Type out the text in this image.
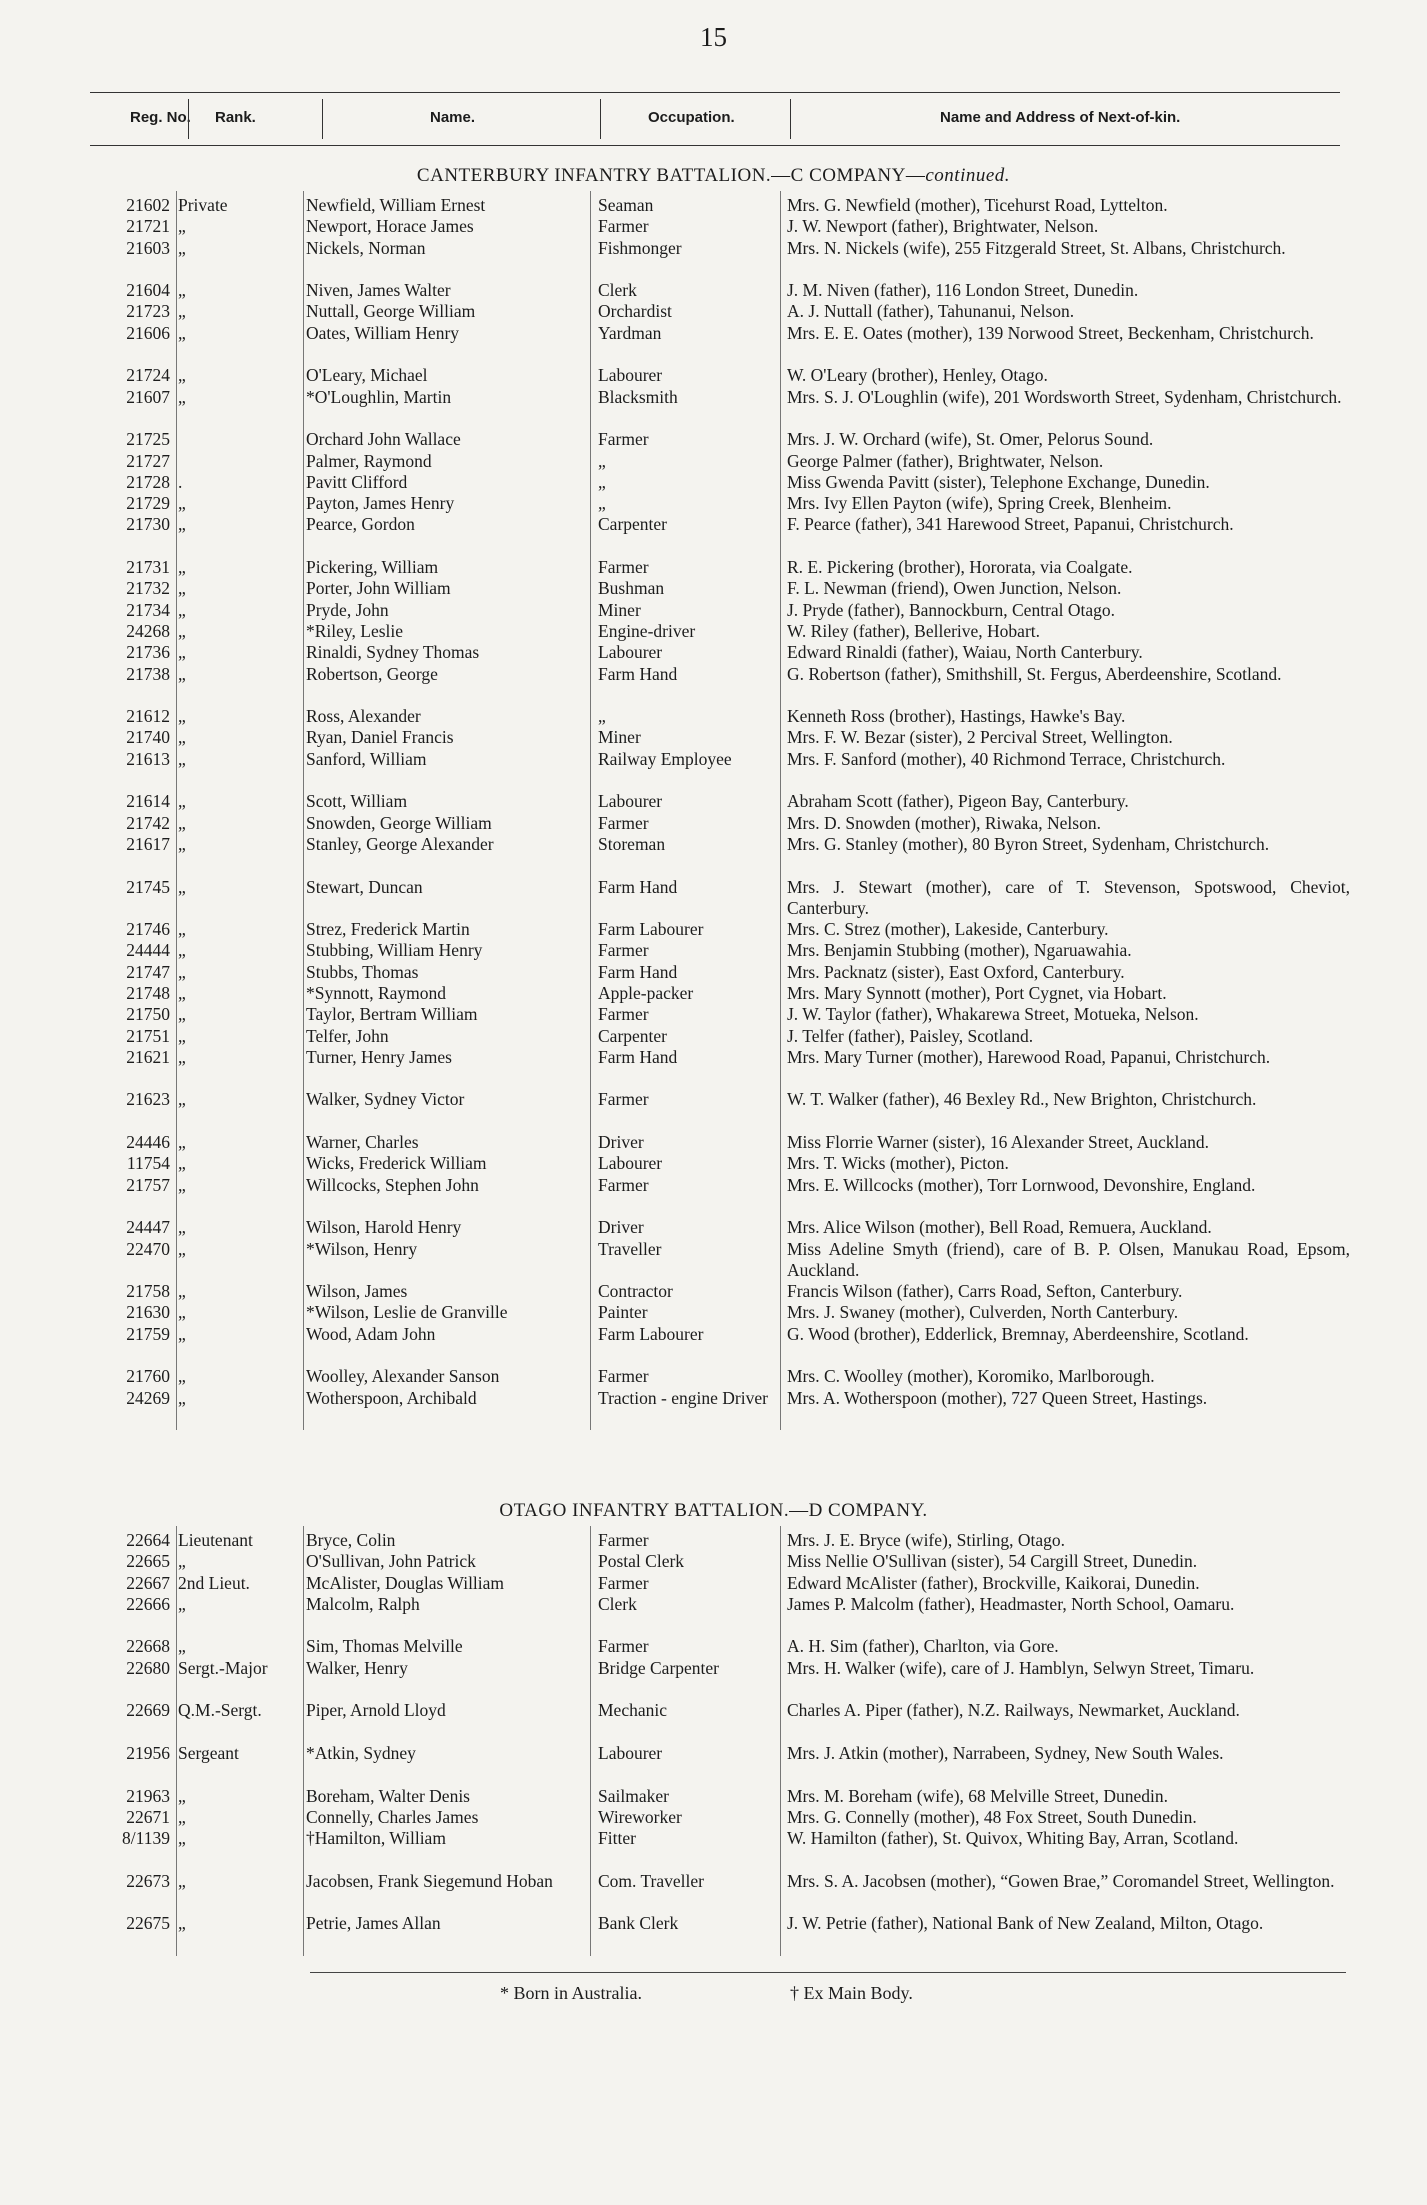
15
Reg. No. Rank.	Name.	Occupation.	Name and Address of Next-of-kin.
CANTERBURY INFANTRY BATTALION.—C COMPANY—continued.
21602 Private	Newfield, William Ernest	Seaman	Mrs. G. Newfield (mother), Ticehurst Road, Lyttelton.
21721 „	Newport, Horace James	Farmer	J. W. Newport (father), Brightwater, Nelson.
21603 „	Nickels, Norman	Fishmonger	Mrs. N. Nickels (wife), 255 Fitzgerald Street, St. Albans, Christchurch.
21604 „	Niven, James Walter	Clerk	J. M. Niven (father), 116 London Street, Dunedin.
21723 „	Nuttall, George William	Orchardist	A. J. Nuttall (father), Tahunanui, Nelson.
21606 „	Oates, William Henry	Yardman	Mrs. E. E. Oates (mother), 139 Norwood Street, Beckenham, Christchurch.
21724 „	O'Leary, Michael	Labourer	W. O'Leary (brother), Henley, Otago.
21607 „	*O'Loughlin, Martin	Blacksmith	Mrs. S. J. O'Loughlin (wife), 201 Wordsworth Street, Sydenham, Christchurch.
21725	Orchard John Wallace	Farmer	Mrs. J. W. Orchard (wife), St. Omer, Pelorus Sound.
21727	Palmer, Raymond	„	George Palmer (father), Brightwater, Nelson.
21728 .	Pavitt Clifford	„	Miss Gwenda Pavitt (sister), Telephone Exchange, Dunedin.
21729 „	Payton, James Henry	„	Mrs. Ivy Ellen Payton (wife), Spring Creek, Blenheim.
21730 „	Pearce, Gordon	Carpenter	F. Pearce (father), 341 Harewood Street, Papanui, Christchurch.
21731 „	Pickering, William	Farmer	R. E. Pickering (brother), Hororata, via Coalgate.
21732 „	Porter, John William	Bushman	F. L. Newman (friend), Owen Junction, Nelson.
21734 „	Pryde, John	Miner	J. Pryde (father), Bannockburn, Central Otago.
24268 „	*Riley, Leslie	Engine-driver	W. Riley (father), Bellerive, Hobart.
21736 „	Rinaldi, Sydney Thomas	Labourer	Edward Rinaldi (father), Waiau, North Canterbury.
21738 „	Robertson, George	Farm Hand	G. Robertson (father), Smithshill, St. Fergus, Aberdeenshire, Scotland.
21612 „	Ross, Alexander	„	Kenneth Ross (brother), Hastings, Hawke's Bay.
21740 „	Ryan, Daniel Francis	Miner	Mrs. F. W. Bezar (sister), 2 Percival Street, Wellington.
21613 „	Sanford, William	Railway Employee	Mrs. F. Sanford (mother), 40 Richmond Terrace, Christchurch.
21614 „	Scott, William	Labourer	Abraham Scott (father), Pigeon Bay, Canterbury.
21742 „	Snowden, George William	Farmer	Mrs. D. Snowden (mother), Riwaka, Nelson.
21617 „	Stanley, George Alexander	Storeman	Mrs. G. Stanley (mother), 80 Byron Street, Sydenham, Christchurch.
21745 „	Stewart, Duncan	Farm Hand	Mrs. J. Stewart (mother), care of T. Stevenson, Spotswood, Cheviot, Canterbury.
21746 „	Strez, Frederick Martin	Farm Labourer	Mrs. C. Strez (mother), Lakeside, Canterbury.
24444 „	Stubbing, William Henry	Farmer	Mrs. Benjamin Stubbing (mother), Ngaruawahia.
21747 „	Stubbs, Thomas	Farm Hand	Mrs. Packnatz (sister), East Oxford, Canterbury.
21748 „	*Synnott, Raymond	Apple-packer	Mrs. Mary Synnott (mother), Port Cygnet, via Hobart.
21750 „	Taylor, Bertram William	Farmer	J. W. Taylor (father), Whakarewa Street, Motueka, Nelson.
21751 „	Telfer, John	Carpenter	J. Telfer (father), Paisley, Scotland.
21621 „	Turner, Henry James	Farm Hand	Mrs. Mary Turner (mother), Harewood Road, Papanui, Christchurch.
21623 „	Walker, Sydney Victor	Farmer	W. T. Walker (father), 46 Bexley Rd., New Brighton, Christchurch.
24446 „	Warner, Charles	Driver	Miss Florrie Warner (sister), 16 Alexander Street, Auckland.
11754 „	Wicks, Frederick William	Labourer	Mrs. T. Wicks (mother), Picton.
21757 „	Willcocks, Stephen John	Farmer	Mrs. E. Willcocks (mother), Torr Lornwood, Devonshire, England.
24447 „	Wilson, Harold Henry	Driver	Mrs. Alice Wilson (mother), Bell Road, Remuera, Auckland.
22470 „	*Wilson, Henry	Traveller	Miss Adeline Smyth (friend), care of B. P. Olsen, Manukau Road, Epsom, Auckland.
21758 „	Wilson, James	Contractor	Francis Wilson (father), Carrs Road, Sefton, Canterbury.
21630 „	*Wilson, Leslie de Granville	Painter	Mrs. J. Swaney (mother), Culverden, North Canterbury.
21759 „	Wood, Adam John	Farm Labourer	G. Wood (brother), Edderlick, Bremnay, Aberdeenshire, Scotland.
21760 „	Woolley, Alexander Sanson	Farmer	Mrs. C. Woolley (mother), Koromiko, Marlborough.
24269 „	Wotherspoon, Archibald	Traction - engine Driver	Mrs. A. Wotherspoon (mother), 727 Queen Street, Hastings.
OTAGO INFANTRY BATTALION.—D COMPANY.
22664 Lieutenant	Bryce, Colin	Farmer	Mrs. J. E. Bryce (wife), Stirling, Otago.
22665 „	O'Sullivan, John Patrick	Postal Clerk	Miss Nellie O'Sullivan (sister), 54 Cargill Street, Dunedin.
22667 2nd Lieut.	McAlister, Douglas William	Farmer	Edward McAlister (father), Brockville, Kaikorai, Dunedin.
22666 „	Malcolm, Ralph	Clerk	James P. Malcolm (father), Headmaster, North School, Oamaru.
22668 „	Sim, Thomas Melville	Farmer	A. H. Sim (father), Charlton, via Gore.
22680 Sergt.-Major	Walker, Henry	Bridge Carpenter	Mrs. H. Walker (wife), care of J. Hamblyn, Selwyn Street, Timaru.
22669 Q.M.-Sergt.	Piper, Arnold Lloyd	Mechanic	Charles A. Piper (father), N.Z. Railways, Newmarket, Auckland.
21956 Sergeant	*Atkin, Sydney	Labourer	Mrs. J. Atkin (mother), Narrabeen, Sydney, New South Wales.
21963 „	Boreham, Walter Denis	Sailmaker	Mrs. M. Boreham (wife), 68 Melville Street, Dunedin.
22671 „	Connelly, Charles James	Wireworker	Mrs. G. Connelly (mother), 48 Fox Street, South Dunedin.
8/1139 „	†Hamilton, William	Fitter	W. Hamilton (father), St. Quivox, Whiting Bay, Arran, Scotland.
22673 „	Jacobsen, Frank Siegemund Hoban	Com. Traveller	Mrs. S. A. Jacobsen (mother), “Gowen Brae,” Coromandel Street, Wellington.
22675 „	Petrie, James Allan	Bank Clerk	J. W. Petrie (father), National Bank of New Zealand, Milton, Otago.
* Born in Australia.	† Ex Main Body.
